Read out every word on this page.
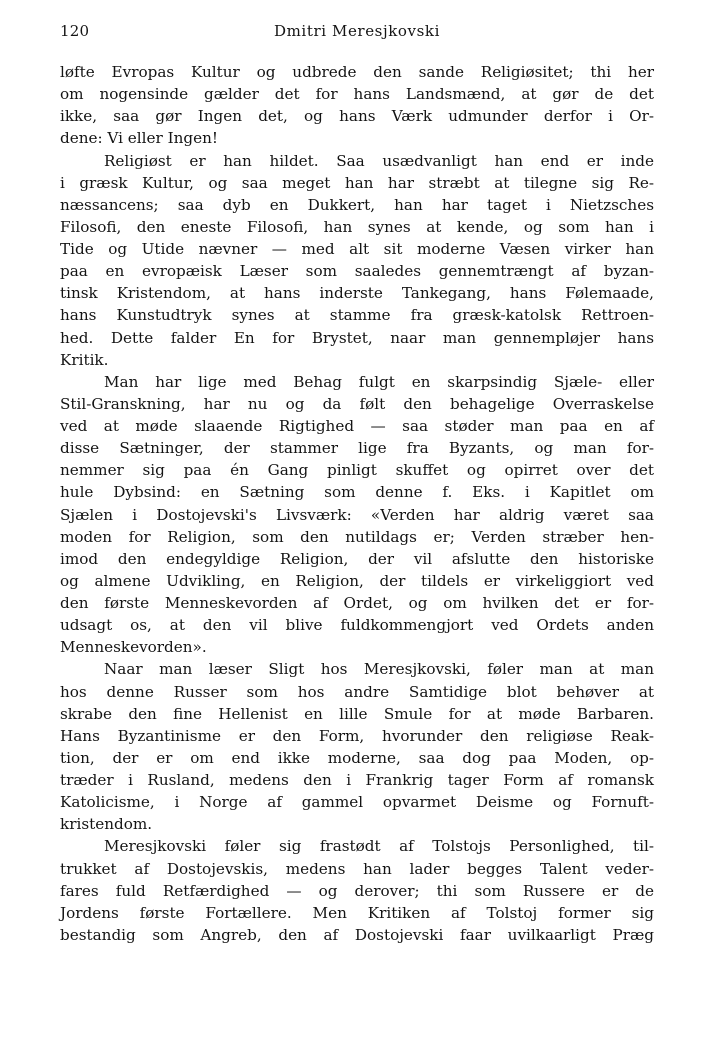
120	Dmitri Meresjkovski
løfte Evropas Kultur og udbrede den sande Religiøsitet; thi her
om nogensinde gælder det for hans Landsmænd, at gør de det
ikke, saa gør Ingen det, og hans Værk udmunder derfor i Or-
dene: Vi eller Ingen!
Religiøst er han hildet. Saa usædvanligt han end er inde
i græsk Kultur, og saa meget han har stræbt at tilegne sig Re-
næssancens; saa dyb en Dukkert, han har taget i Nietzsches
Filosofi, den eneste Filosofi, han synes at kende, og som han i
Tide og Utide nævner — med alt sit moderne Væsen virker han
paa en evropæisk Læser som saaledes gennemtrængt af byzan-
tinsk Kristendom, at hans inderste Tankegang, hans Følemaade,
hans Kunstudtryk synes at stamme fra græsk-katolsk Rettroen-
hed. Dette falder En for Brystet, naar man gennempløjer hans
Kritik.
Man har lige med Behag fulgt en skarpsindig Sjæle- eller
Stil-Granskning, har nu og da følt den behagelige Overraskelse
ved at møde slaaende Rigtighed — saa støder man paa en af
disse Sætninger, der stammer lige fra Byzants, og man for-
nemmer sig paa én Gang pinligt skuffet og opirret over det
hule Dybsind: en Sætning som denne f. Eks. i Kapitlet om
Sjælen i Dostojevski's Livsværk: «Verden har aldrig været saa
moden for Religion, som den nutildags er; Verden stræber hen-
imod den endegyldige Religion, der vil afslutte den historiske
og almene Udvikling, en Religion, der tildels er virkeliggiort ved
den første Menneskevorden af Ordet, og om hvilken det er for-
udsagt os, at den vil blive fuldkommengjort ved Ordets anden
Menneskevorden».
Naar man læser Sligt hos Meresjkovski, føler man at man
hos denne Russer som hos andre Samtidige blot behøver at
skrabe den fine Hellenist en lille Smule for at møde Barbaren.
Hans Byzantinisme er den Form, hvorunder den religiøse Reak-
tion, der er om end ikke moderne, saa dog paa Moden, op-
træder i Rusland, medens den i Frankrig tager Form af romansk
Katolicisme, i Norge af gammel opvarmet Deisme og Fornuft-
kristendom.
Meresjkovski føler sig frastødt af Tolstojs Personlighed, til-
trukket af Dostojevskis, medens han lader begges Talent veder-
fares fuld Retfærdighed — og derover; thi som Russere er de
Jordens første Fortællere. Men Kritiken af Tolstoj former sig
bestandig som Angreb, den af Dostojevski faar uvilkaarligt Præg
